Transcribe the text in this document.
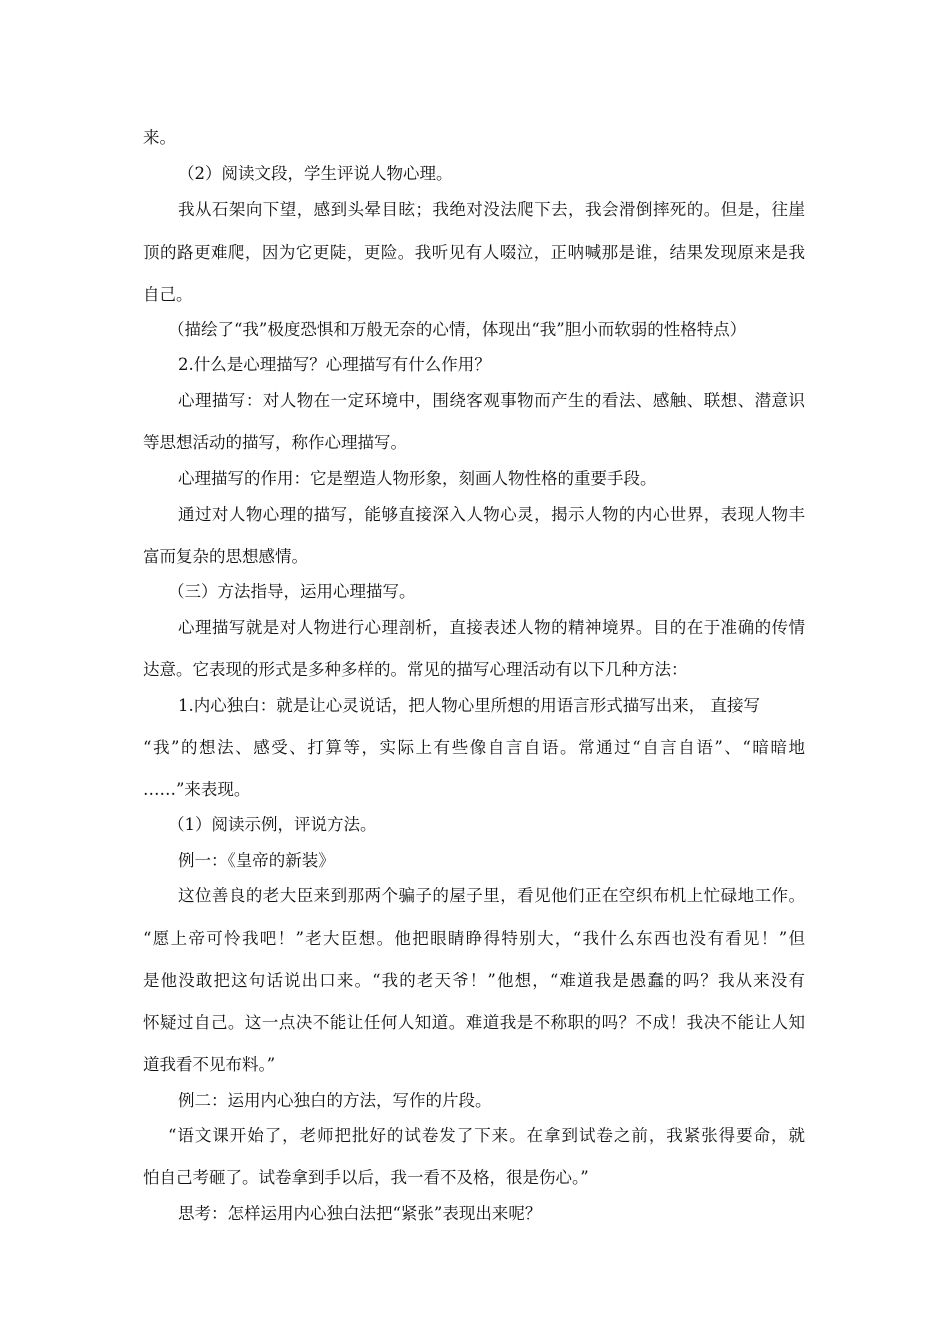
来。
（2）阅读文段，学生评说人物心理。
我从石架向下望，感到头晕目眩；我绝对没法爬下去，我会滑倒摔死的。但是，往崖
顶的路更难爬，因为它更陡，更险。我听见有人啜泣，正呐喊那是谁，结果发现原来是我
自己。
（描绘了“我”极度恐惧和万般无奈的心情，体现出“我”胆小而软弱的性格特点）
2.什么是心理描写？心理描写有什么作用？
心理描写：对人物在一定环境中，围绕客观事物而产生的看法、感触、联想、潜意识
等思想活动的描写，称作心理描写。
心理描写的作用：它是塑造人物形象，刻画人物性格的重要手段。
通过对人物心理的描写，能够直接深入人物心灵，揭示人物的内心世界，表现人物丰
富而复杂的思想感情。
（三）方法指导，运用心理描写。
心理描写就是对人物进行心理剖析，直接表述人物的精神境界。目的在于准确的传情
达意。它表现的形式是多种多样的。常见的描写心理活动有以下几种方法：
1.内心独白：就是让心灵说话，把人物心里所想的用语言形式描写出来， 直接写
“我”的想法、感受、打算等，实际上有些像自言自语。常通过“自言自语”、“暗暗地
……”来表现。
（1）阅读示例，评说方法。
例一：《皇帝的新装》
这位善良的老大臣来到那两个骗子的屋子里，看见他们正在空织布机上忙碌地工作。
“愿上帝可怜我吧！”老大臣想。他把眼睛睁得特别大，“我什么东西也没有看见！”但
是他没敢把这句话说出口来。“我的老天爷！”他想，“难道我是愚蠢的吗？我从来没有
怀疑过自己。这一点决不能让任何人知道。难道我是不称职的吗？不成！我决不能让人知
道我看不见布料。”
例二：运用内心独白的方法，写作的片段。
“语文课开始了，老师把批好的试卷发了下来。在拿到试卷之前，我紧张得要命，就
怕自己考砸了。试卷拿到手以后，我一看不及格，很是伤心。”
思考：怎样运用内心独白法把“紧张”表现出来呢？
